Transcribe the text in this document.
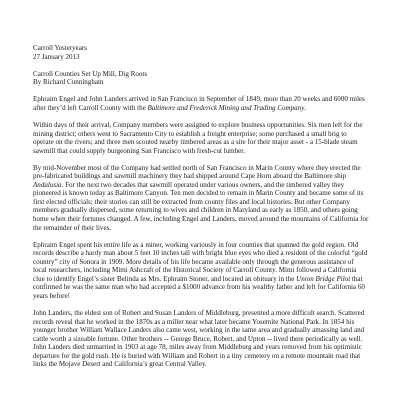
Carroll Yesteryears
27 January 2013
Carroll Counties Set Up Mill, Dig Roots
By Richard Cunningham

Ephraim Engel and John Landers arrived in San Francisco in September of 1849, more than 20 weeks and 6000 miles after they’d left Carroll County with the Baltimore and Frederick Mining and Trading Company.

Within days of their arrival, Company members were assigned to explore business opportunities. Six men left for the mining district; others went to Sacramento City to establish a freight enterprise; some purchased a small brig to operate on the rivers; and three men scouted nearby timbered areas as a site for their major asset - a 15-blade steam sawmill that could supply burgeoning San Francisco with fresh-cut lumber.

By mid-November most of the Company had settled north of San Francisco in Marin County where they erected the pre-fabricated buildings and sawmill machinery they had shipped around Cape Horn aboard the Baltimore ship Andalusia. For the next two decades that sawmill operated under various owners, and the timbered valley they pioneered is known today as Baltimore Canyon. Ten men decided to remain in Marin County and became some of its first elected officials; their stories can still be extracted from county files and local histories. But other Company members gradually dispersed, some returning to wives and children in Maryland as early as 1850, and others going home when their fortunes changed. A few, including Engel and Landers, moved around the mountains of California for the remainder of their lives.

Ephraim Engel spent his entire life as a miner, working variously in four counties that spanned the gold region. Old records describe a hardy man about 5 feet 10 inches tall with bright blue eyes who died a resident of the colorful “gold country” city of Sonora in 1909. More details of his life became available only through the generous assistance of local researchers, including Mimi Ashcraft of the Historical Society of Carroll County. Mimi followed a California clue to identify Engel’s sister Belinda as Mrs. Ephraim Stoner, and located an obituary in the Union Bridge Pilot that confirmed he was the same man who had accepted a $1000 advance from his wealthy father and left for California 60 years before!

John Landers, the eldest son of Robert and Susan Landers of Middleburg, presented a more difficult search. Scattered records reveal that he worked in the 1870s as a miller near what later became Yosemite National Park. In 1854 his younger brother William Wallace Landers also came west, working in the same area and gradually amassing land and cattle worth a sizeable fortune. Other brothers -- George Bruce, Robert, and Upton -- lived there periodically as well. John Landers died unmarried in 1903 at age 78, miles away from Middleburg and years removed from his optimistic departure for the gold rush. He is buried with William and Robert in a tiny cemetery on a remote mountain road that links the Mojave Desert and California’s great Central Valley.
